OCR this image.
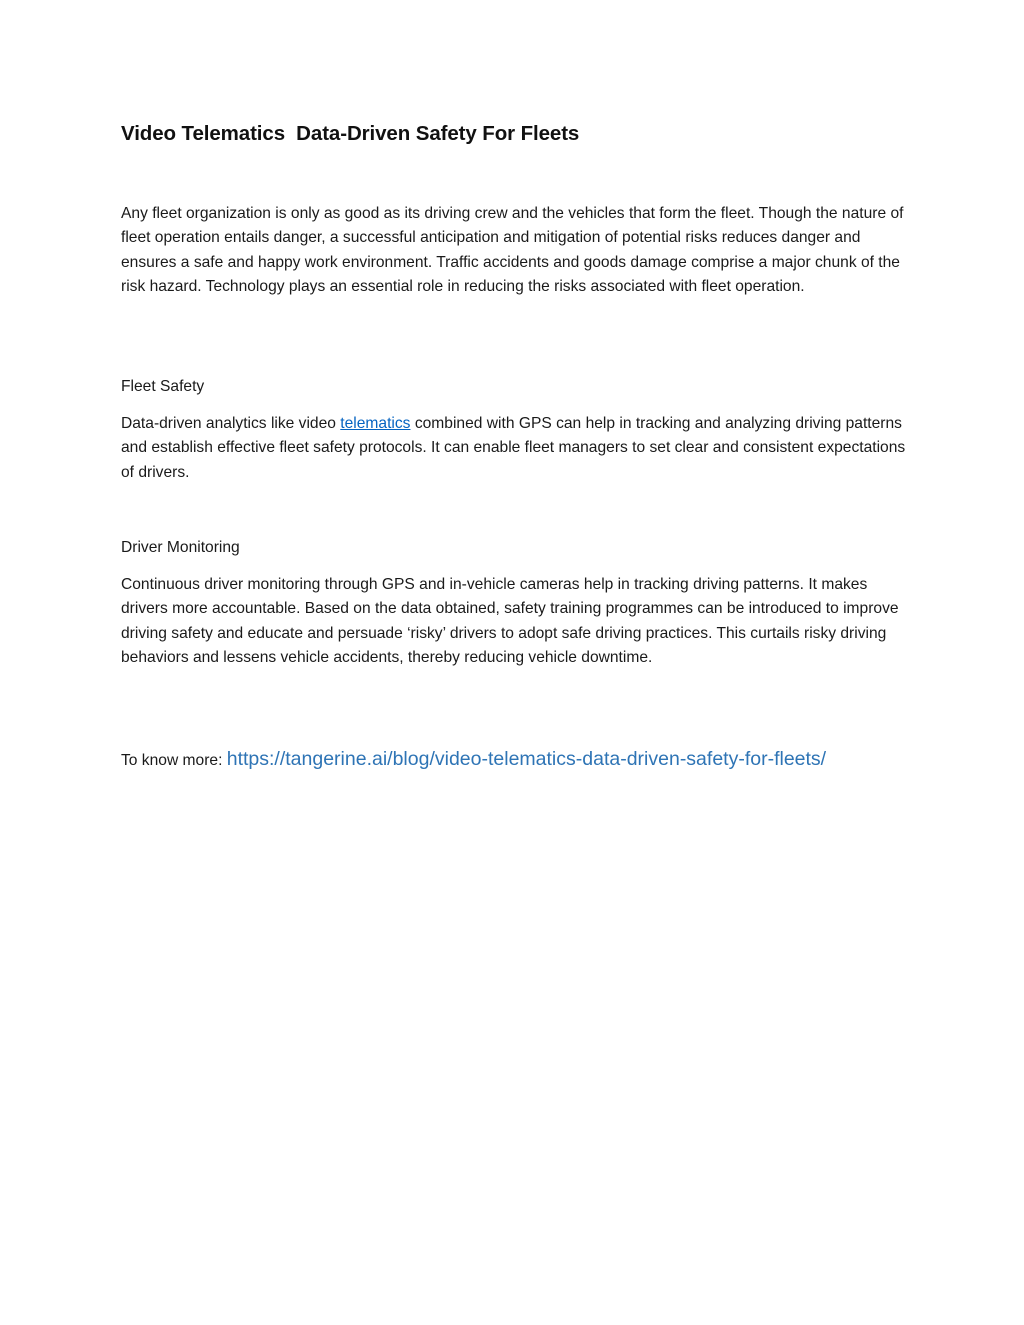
Video Telematics  Data-Driven Safety For Fleets

Any fleet organization is only as good as its driving crew and the vehicles that form the fleet. Though the nature of fleet operation entails danger, a successful anticipation and mitigation of potential risks reduces danger and ensures a safe and happy work environment. Traffic accidents and goods damage comprise a major chunk of the risk hazard. Technology plays an essential role in reducing the risks associated with fleet operation.

Fleet Safety

Data-driven analytics like video telematics combined with GPS can help in tracking and analyzing driving patterns and establish effective fleet safety protocols. It can enable fleet managers to set clear and consistent expectations of drivers.

Driver Monitoring

Continuous driver monitoring through GPS and in-vehicle cameras help in tracking driving patterns. It makes drivers more accountable. Based on the data obtained, safety training programmes can be introduced to improve driving safety and educate and persuade ‘risky’ drivers to adopt safe driving practices. This curtails risky driving behaviors and lessens vehicle accidents, thereby reducing vehicle downtime.

To know more: https://tangerine.ai/blog/video-telematics-data-driven-safety-for-fleets/
